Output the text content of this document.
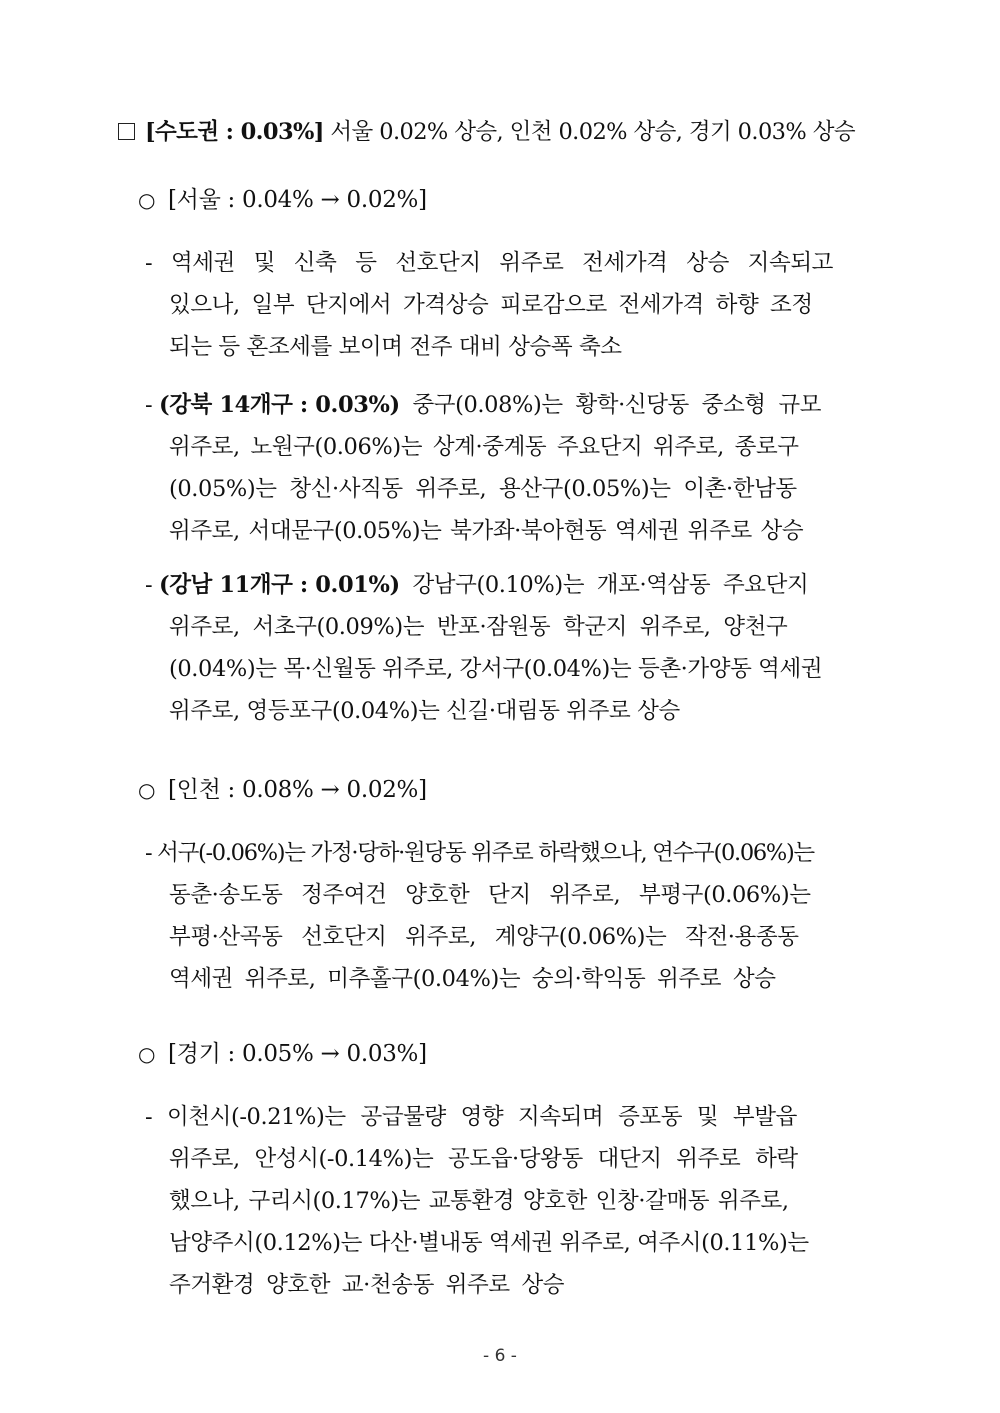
[수도권 : 0.03%] 서울 0.02% 상승, 인천 0.02% 상승, 경기 0.03% 상승
○ [서울 : 0.04% → 0.02%]
- 역세권 및 신축 등 선호단지 위주로 전세가격 상승 지속되고
있으나, 일부 단지에서 가격상승 피로감으로 전세가격 하향 조정
되는 등 혼조세를 보이며 전주 대비 상승폭 축소
- (강북 14개구 : 0.03%) 중구(0.08%)는 황학·신당동 중소형 규모
위주로, 노원구(0.06%)는 상계·중계동 주요단지 위주로, 종로구
(0.05%)는 창신·사직동 위주로, 용산구(0.05%)는 이촌·한남동
위주로, 서대문구(0.05%)는 북가좌·북아현동 역세권 위주로 상승
- (강남 11개구 : 0.01%) 강남구(0.10%)는 개포·역삼동 주요단지
위주로, 서초구(0.09%)는 반포·잠원동 학군지 위주로, 양천구
(0.04%)는 목·신월동 위주로, 강서구(0.04%)는 등촌·가양동 역세권
위주로, 영등포구(0.04%)는 신길·대림동 위주로 상승
○ [인천 : 0.08% → 0.02%]
- 서구(-0.06%)는 가정·당하·원당동 위주로 하락했으나, 연수구(0.06%)는
동춘·송도동 정주여건 양호한 단지 위주로, 부평구(0.06%)는
부평·산곡동 선호단지 위주로, 계양구(0.06%)는 작전·용종동
역세권 위주로, 미추홀구(0.04%)는 숭의·학익동 위주로 상승
○ [경기 : 0.05% → 0.03%]
- 이천시(-0.21%)는 공급물량 영향 지속되며 증포동 및 부발읍
위주로, 안성시(-0.14%)는 공도읍·당왕동 대단지 위주로 하락
했으나, 구리시(0.17%)는 교통환경 양호한 인창·갈매동 위주로,
남양주시(0.12%)는 다산·별내동 역세권 위주로, 여주시(0.11%)는
주거환경 양호한 교·천송동 위주로 상승
- 6 -
